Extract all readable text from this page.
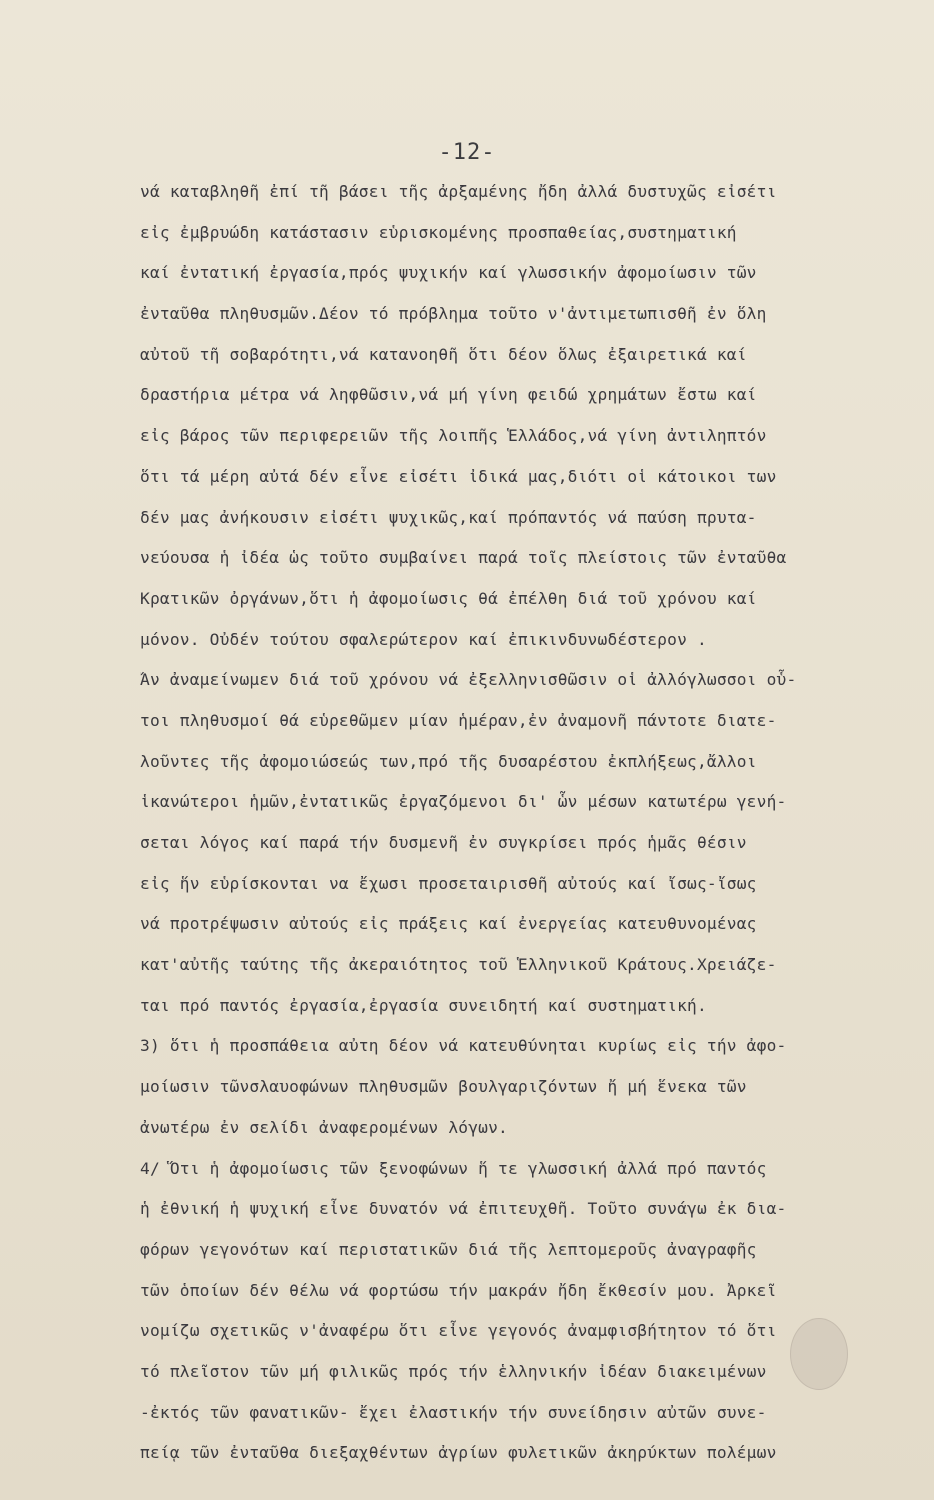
-12-
νά καταβληθῆ ἐπί τῆ βάσει τῆς ἀρξαμένης ἤδη ἀλλά δυστυχῶς εἰσέτι
εἰς ἐμβρυώδη κατάστασιν εὑρισκομένης προσπαθείας,συστηματική
καί ἐντατική ἐργασία,πρός ψυχικήν καί γλωσσικήν ἀφομοίωσιν τῶν
ἐνταῦθα πληθυσμῶν.Δέον τό πρόβλημα τοῦτο ν'ἀντιμετωπισθῆ ἐν ὅλη
αὐτοῦ τῆ σοβαρότητι,νά κατανοηθῆ ὅτι δέον ὅλως ἐξαιρετικά καί
δραστήρια μέτρα νά ληφθῶσιν,νά μή γίνη φειδώ χρημάτων ἔστω καί
εἰς βάρος τῶν περιφερειῶν τῆς λοιπῆς Ἑλλάδος,νά γίνη ἀντιληπτόν
ὅτι τά μέρη αὐτά δέν εἶνε εἰσέτι ἰδικά μας,διότι οἱ κάτοικοι των
δέν μας ἀνήκουσιν εἰσέτι ψυχικῶς,καί πρόπαντός νά παύση πρυτα-
νεύουσα ἡ ἰδέα ὡς τοῦτο συμβαίνει παρά τοῖς πλείστοις τῶν ἐνταῦθα
Κρατικῶν ὀργάνων,ὅτι ἡ ἀφομοίωσις θά ἐπέλθη διά τοῦ χρόνου καί
μόνον. Οὐδέν τούτου σφαλερώτερον καί ἐπικινδυνωδέστερον .
Ἄν ἀναμείνωμεν διά τοῦ χρόνου νά ἐξελληνισθῶσιν οἱ ἀλλόγλωσσοι οὗ-
τοι πληθυσμοί θά εὑρεθῶμεν μίαν ἡμέραν,ἐν ἀναμονῆ πάντοτε διατε-
λοῦντες τῆς ἀφομοιώσεώς των,πρό τῆς δυσαρέστου ἐκπλήξεως,ἄλλοι
ἱκανώτεροι ἡμῶν,ἐντατικῶς ἐργαζόμενοι δι' ὧν μέσων κατωτέρω γενή-
σεται λόγος καί παρά τήν δυσμενῆ ἐν συγκρίσει πρός ἡμᾶς θέσιν
εἰς ἥν εὑρίσκονται να ἔχωσι προσεταιρισθῆ αὐτούς καί ἴσως-ἴσως
νά προτρέψωσιν αὐτούς εἰς πράξεις καί ἐνεργείας κατευθυνομένας
κατ'αὐτῆς ταύτης τῆς ἀκεραιότητος τοῦ Ἑλληνικοῦ Κράτους.Χρειάζε-
ται πρό παντός ἐργασία,ἐργασία συνειδητή καί συστηματική.
3) ὅτι ἡ προσπάθεια αὐτη δέον νά κατευθύνηται κυρίως εἰς τήν ἀφο-
μοίωσιν τῶνσλαυοφώνων πληθυσμῶν βουλγαριζόντων ἤ μή ἕνεκα τῶν
ἀνωτέρω ἐν σελίδι ἀναφερομένων λόγων.
4/ Ὅτι ἡ ἀφομοίωσις τῶν ξενοφώνων ἥ τε γλωσσική ἀλλά πρό παντός
ἡ ἐθνική ἡ ψυχική εἶνε δυνατόν νά ἐπιτευχθῆ. Τοῦτο συνάγω ἐκ δια-
φόρων γεγονότων καί περιστατικῶν διά τῆς λεπτομεροῦς ἀναγραφῆς
τῶν ὁποίων δέν θέλω νά φορτώσω τήν μακράν ἤδη ἔκθεσίν μου. Ἀρκεῖ
νομίζω σχετικῶς ν'ἀναφέρω ὅτι εἶνε γεγονός ἀναμφισβήτητον τό ὅτι
τό πλεῖστον τῶν μή φιλικῶς πρός τήν ἑλληνικήν ἰδέαν διακειμένων
-ἐκτός τῶν φανατικῶν- ἔχει ἐλαστικήν τήν συνείδησιν αὐτῶν συνε-
πείᾳ τῶν ἐνταῦθα διεξαχθέντων ἀγρίων φυλετικῶν ἀκηρύκτων πολέμων
